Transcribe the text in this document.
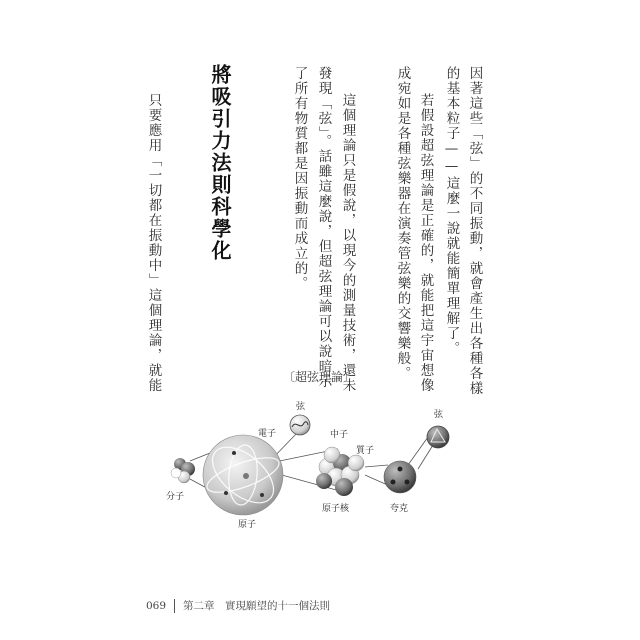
因著這些「弦」的不同振動，就會產生出各種各樣
的基本粒子——這麼一說就能簡單理解了。
若假設超弦理論是正確的，就能把這宇宙想像
成宛如是各種弦樂器在演奏管弦樂的交響樂般。
這個理論只是假說，以現今的測量技術，還未
發現「弦」。話雖這麼說，但超弦理論可以說暗示
了所有物質都是因振動而成立的。
將吸引力法則科學化
只要應用「一切都在振動中」這個理論，就能	〔超弦理論〕
分子
原子
電子
弦
中子
質子
原子核	夸克
弦
069 第二章　實現願望的十一個法則
